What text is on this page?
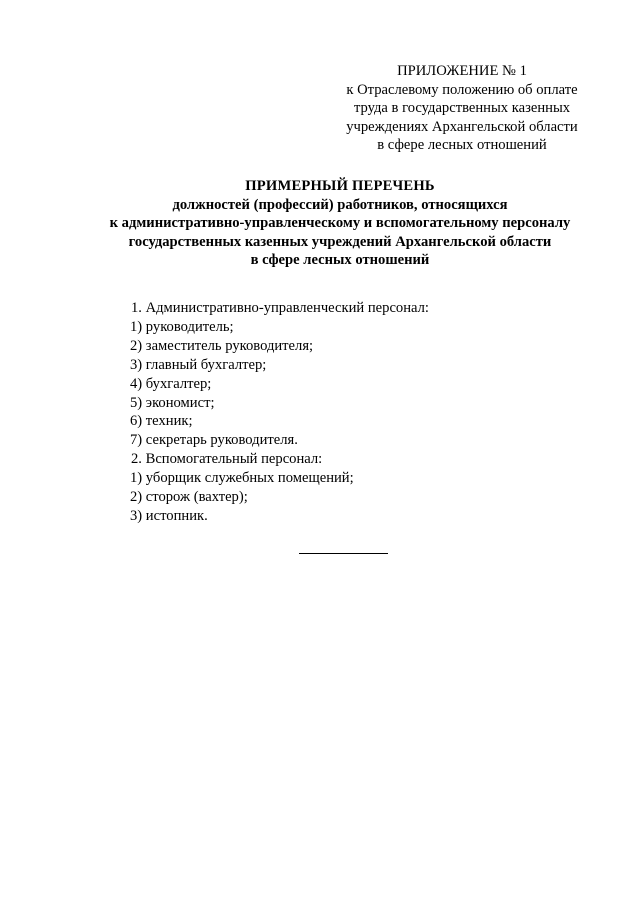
ПРИЛОЖЕНИЕ № 1
к Отраслевому положению об оплате
труда в государственных казенных
учреждениях Архангельской области
в сфере лесных отношений
ПРИМЕРНЫЙ ПЕРЕЧЕНЬ
должностей (профессий) работников, относящихся
к административно-управленческому и вспомогательному персоналу
государственных казенных учреждений Архангельской области
в сфере лесных отношений
1. Административно-управленческий персонал:
1) руководитель;
2) заместитель руководителя;
3) главный бухгалтер;
4) бухгалтер;
5) экономист;
6) техник;
7) секретарь руководителя.
2. Вспомогательный персонал:
1) уборщик служебных помещений;
2) сторож (вахтер);
3) истопник.
